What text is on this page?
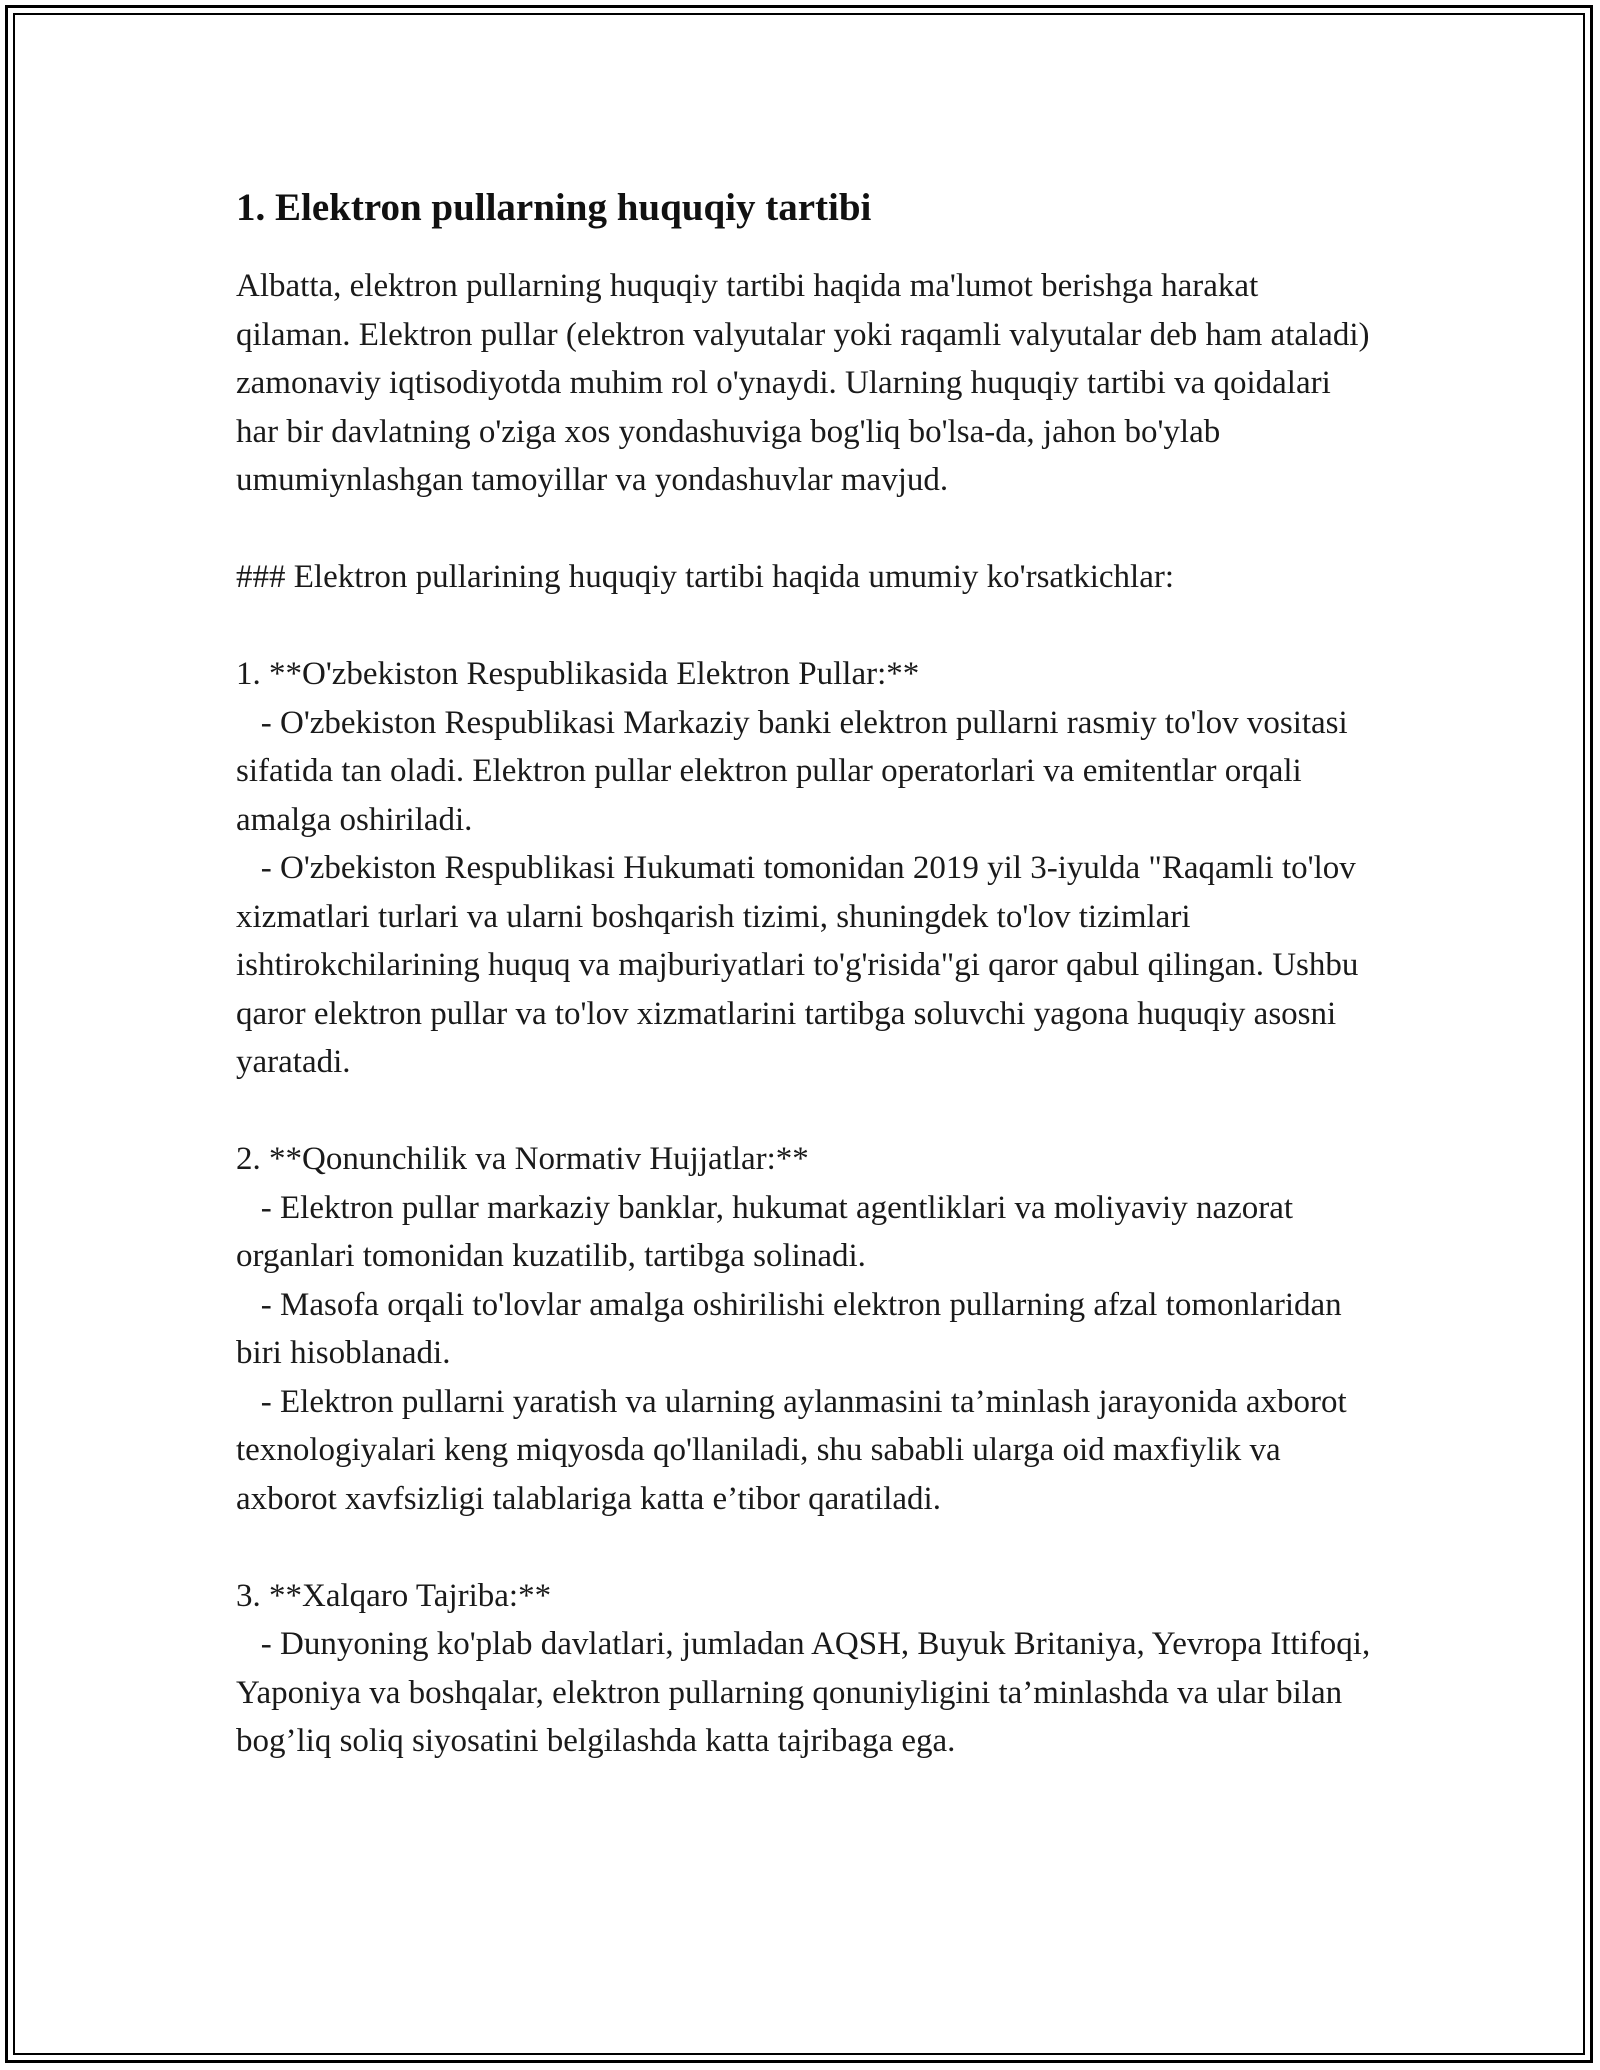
1. Elektron pullarning huquqiy tartibi

Albatta, elektron pullarning huquqiy tartibi haqida ma'lumot berishga harakat qilaman. Elektron pullar (elektron valyutalar yoki raqamli valyutalar deb ham ataladi) zamonaviy iqtisodiyotda muhim rol o'ynaydi. Ularning huquqiy tartibi va qoidalari har bir davlatning o'ziga xos yondashuviga bog'liq bo'lsa-da, jahon bo'ylab umumiynlashgan tamoyillar va yondashuvlar mavjud.

### Elektron pullarining huquqiy tartibi haqida umumiy ko'rsatkichlar:

1. **O'zbekiston Respublikasida Elektron Pullar:**

- O'zbekiston Respublikasi Markaziy banki elektron pullarni rasmiy to'lov vositasi sifatida tan oladi. Elektron pullar elektron pullar operatorlari va emitentlar orqali amalga oshiriladi.

- O'zbekiston Respublikasi Hukumati tomonidan 2019 yil 3-iyulda "Raqamli to'lov xizmatlari turlari va ularni boshqarish tizimi, shuningdek to'lov tizimlari ishtirokchilarining huquq va majburiyatlari to'g'risida"gi qaror qabul qilingan. Ushbu qaror elektron pullar va to'lov xizmatlarini tartibga soluvchi yagona huquqiy asosni yaratadi.

2. **Qonunchilik va Normativ Hujjatlar:**

- Elektron pullar markaziy banklar, hukumat agentliklari va moliyaviy nazorat organlari tomonidan kuzatilib, tartibga solinadi.

- Masofa orqali to'lovlar amalga oshirilishi elektron pullarning afzal tomonlaridan biri hisoblanadi.

- Elektron pullarni yaratish va ularning aylanmasini ta’minlash jarayonida axborot texnologiyalari keng miqyosda qo'llaniladi, shu sababli ularga oid maxfiylik va axborot xavfsizligi talablariga katta e’tibor qaratiladi.

3. **Xalqaro Tajriba:**

- Dunyoning ko'plab davlatlari, jumladan AQSH, Buyuk Britaniya, Yevropa Ittifoqi, Yaponiya va boshqalar, elektron pullarning qonuniyligini ta’minlashda va ular bilan bog’liq soliq siyosatini belgilashda katta tajribaga ega.
